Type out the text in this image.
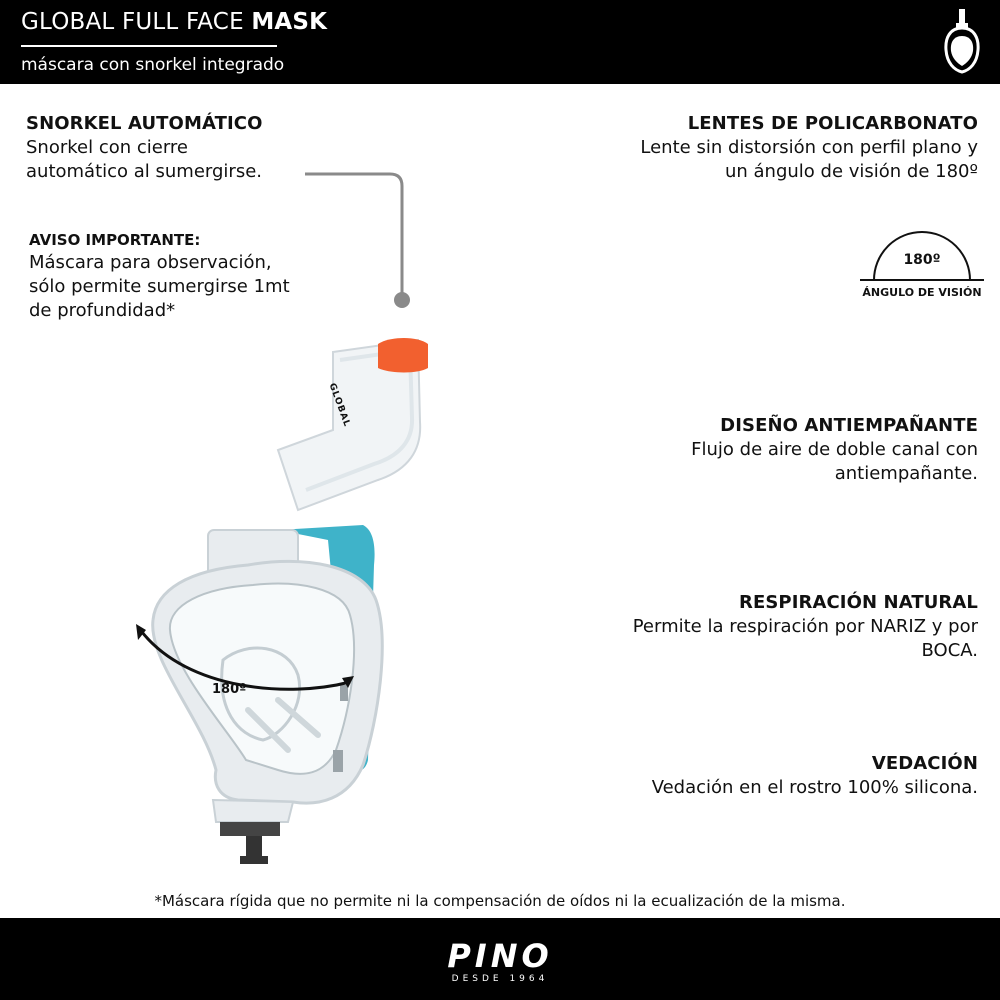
GLOBAL FULL FACE MASK
máscara con snorkel integrado
SNORKEL AUTOMÁTICO
Snorkel con cierre
automático al sumergirse.
AVISO IMPORTANTE:
Máscara para observación,
sólo permite sumergirse 1mt
de profundidad*
LENTES DE POLICARBONATO
Lente sin distorsión con perfil plano y
un ángulo de visión de 180º
180º
ÁNGULO DE VISIÓN
DISEÑO ANTIEMPAÑANTE
Flujo de aire de doble canal con
antiempañante.
RESPIRACIÓN NATURAL
Permite la respiración por NARIZ y por
BOCA.
VEDACIÓN
Vedación en el rostro 100% silicona.
180º
GLOBAL
*Máscara rígida que no permite ni la compensación de oídos ni la ecualización de la misma.
PINO
DESDE 1964
